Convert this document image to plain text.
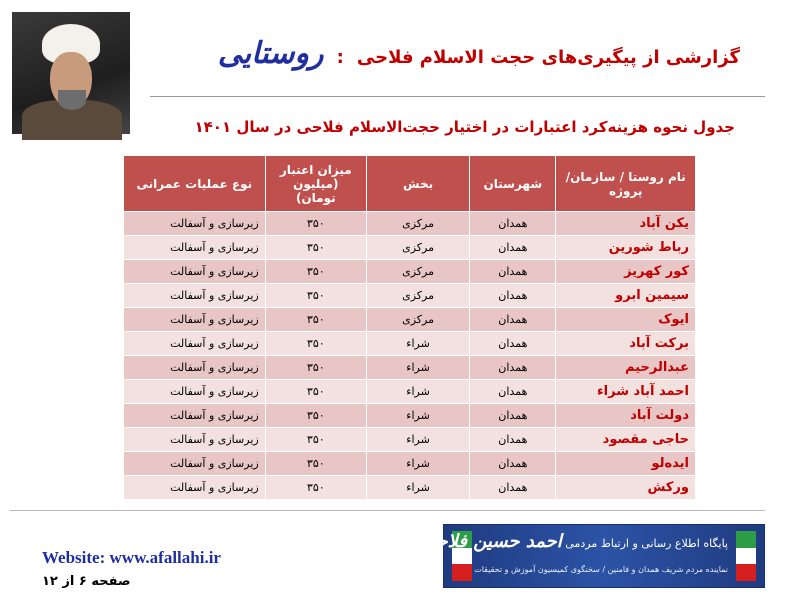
گزارشی از پیگیری‌های حجت الاسلام فلاحی : روستایی
جدول نحوه هزینه‌کرد اعتبارات در اختیار حجت‌الاسلام فلاحی در سال ۱۴۰۱
نام روستا / سازمان/ پروژه	شهرستان	بخش	میزان اعتبار (میلیون تومان)	نوع عملیات عمرانی
یکن آباد	همدان	مرکزی	۳۵۰	زیرسازی و آسفالت
رباط شورین	همدان	مرکزی	۳۵۰	زیرسازی و آسفالت
کور کهریز	همدان	مرکزی	۳۵۰	زیرسازی و آسفالت
سیمین ابرو	همدان	مرکزی	۳۵۰	زیرسازی و آسفالت
ایوک	همدان	مرکزی	۳۵۰	زیرسازی و آسفالت
برکت آباد	همدان	شراء	۳۵۰	زیرسازی و آسفالت
عبدالرحیم	همدان	شراء	۳۵۰	زیرسازی و آسفالت
احمد آباد شراء	همدان	شراء	۳۵۰	زیرسازی و آسفالت
دولت آباد	همدان	شراء	۳۵۰	زیرسازی و آسفالت
حاجی مقصود	همدان	شراء	۳۵۰	زیرسازی و آسفالت
ایده‌لو	همدان	شراء	۳۵۰	زیرسازی و آسفالت
ورکش	همدان	شراء	۳۵۰	زیرسازی و آسفالت
Website: www.afallahi.ir
صفحه ۶ از ۱۲
پایگاه اطلاع رسانی و ارتباط مردمی احمد حسین فلاحی
نماینده مردم شریف همدان و فامنین / سخنگوی کمیسیون آموزش و تحقیقات
